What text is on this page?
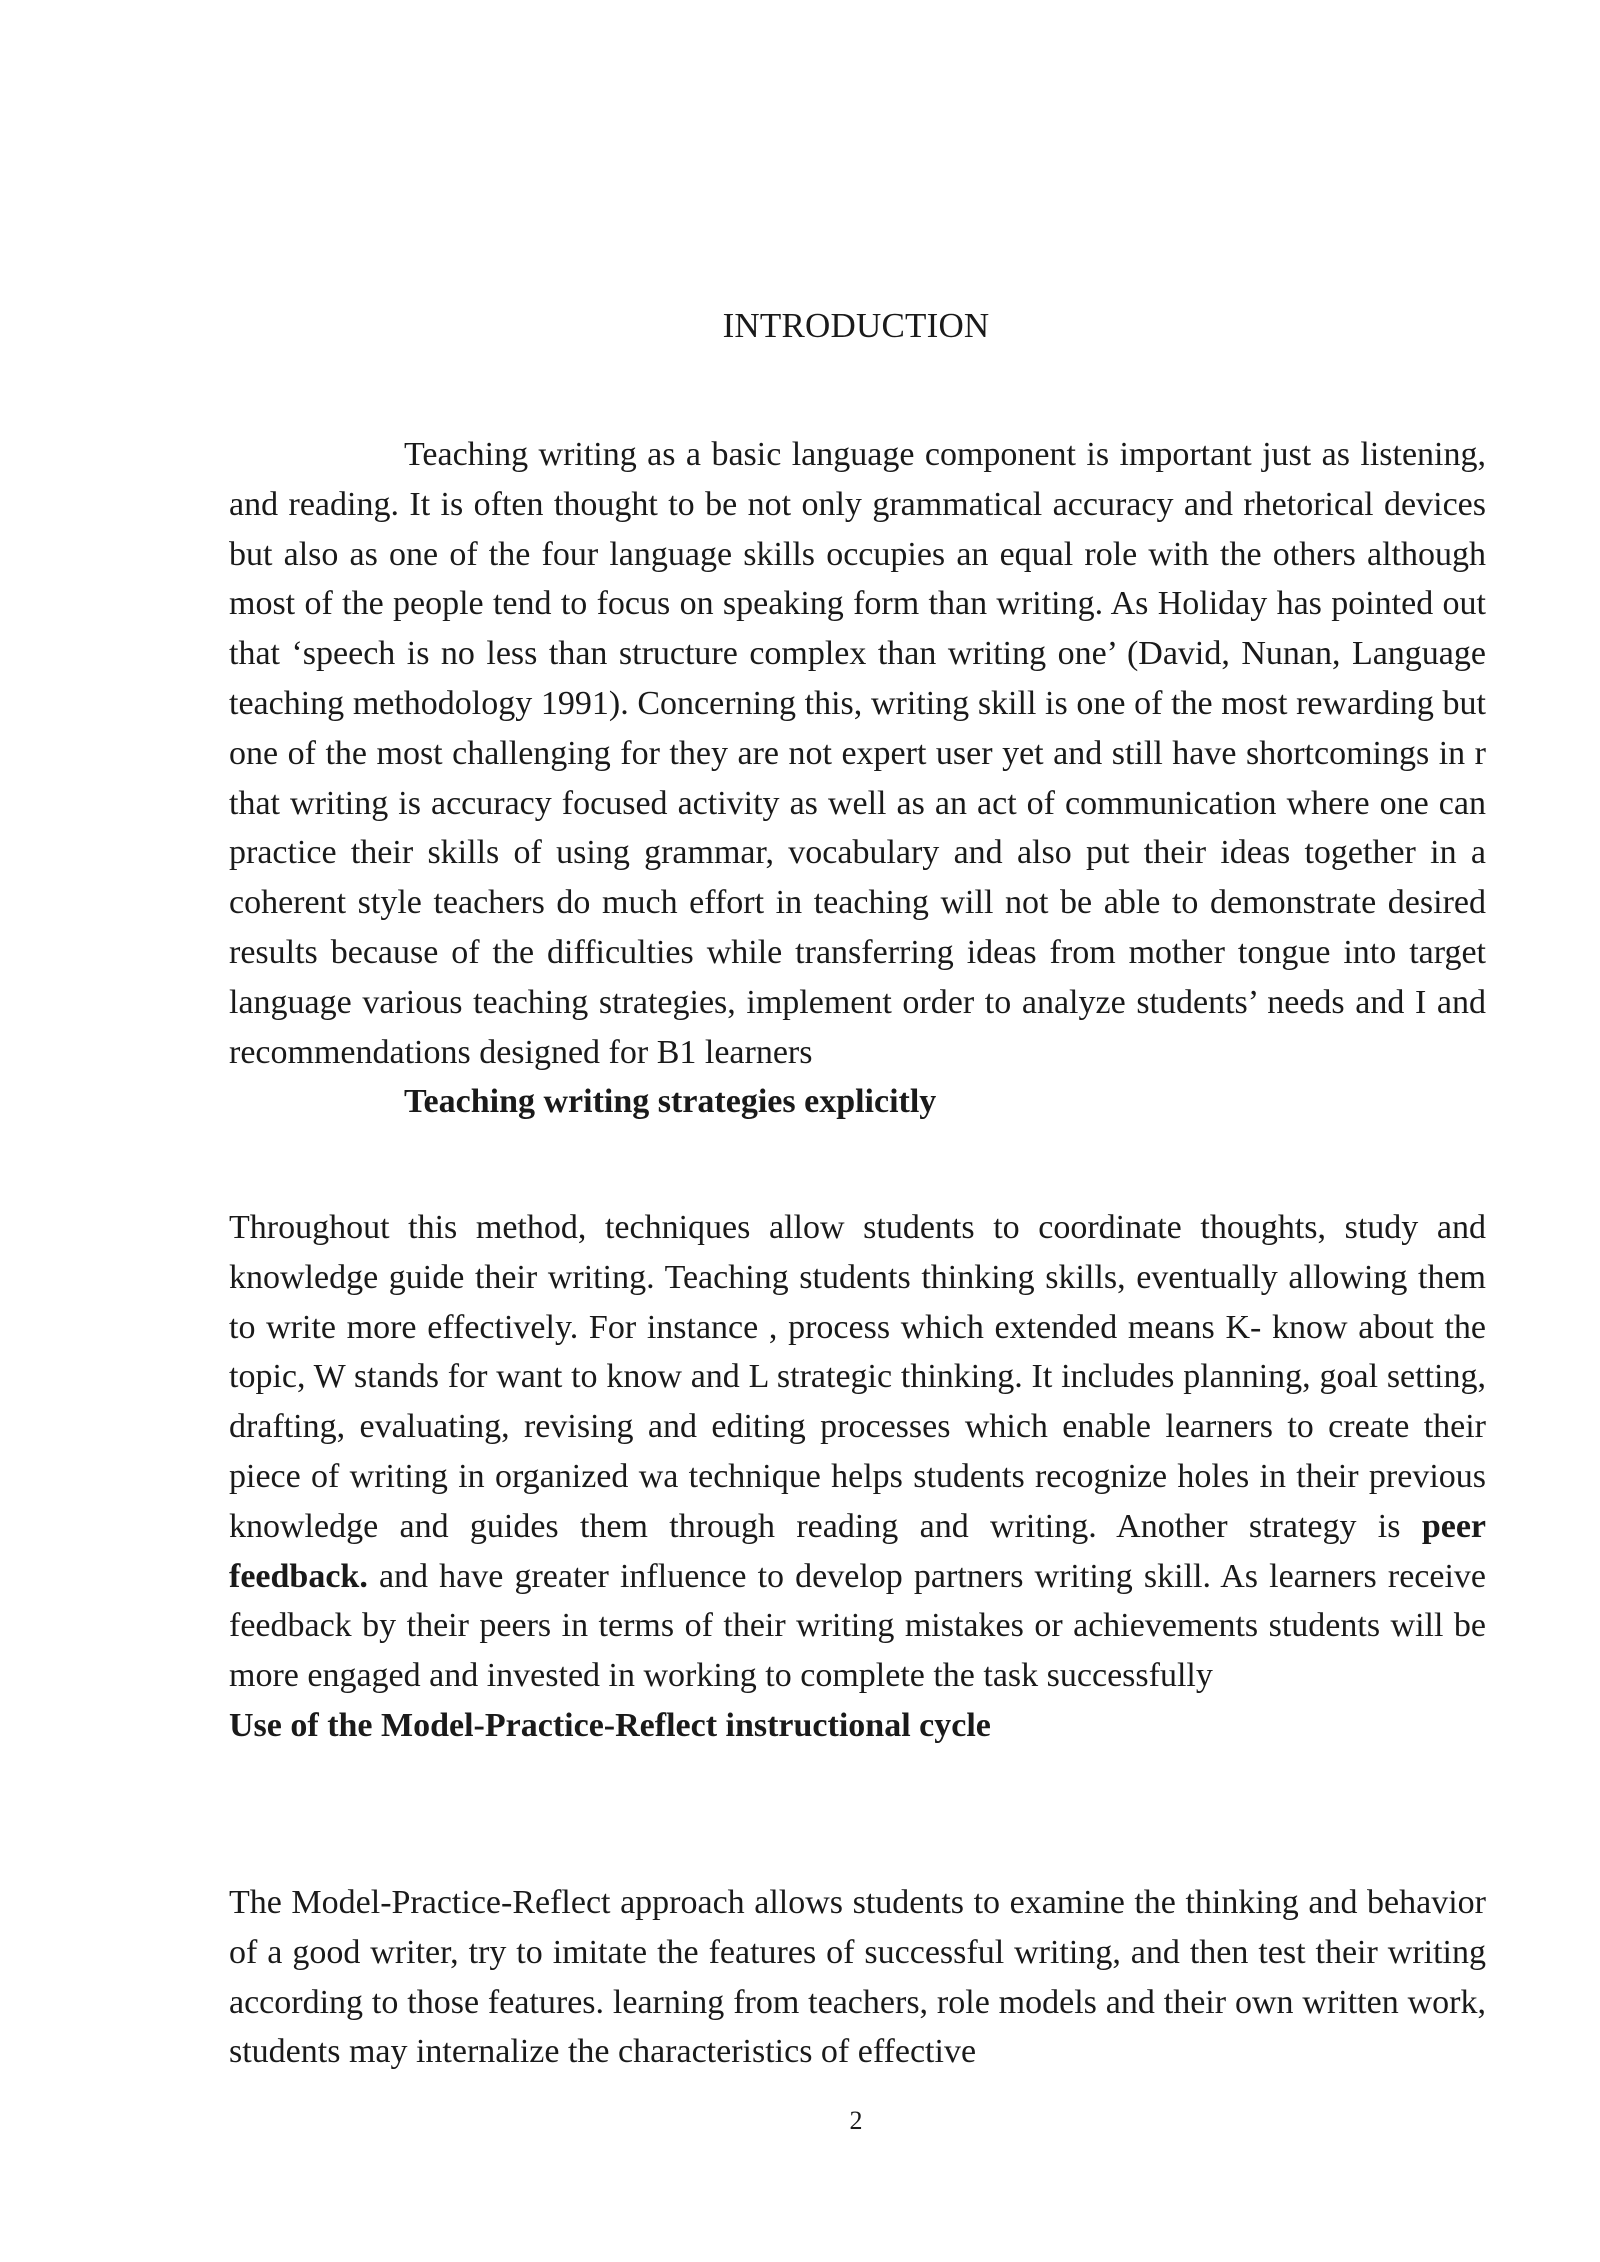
INTRODUCTION

Teaching writing as a basic language component is important just as listening, and reading. It is often thought to be not only grammatical accuracy and rhetorical devices but also as one of the four language skills occupies an equal role with the others although most of the people tend to focus on speaking form than writing. As Holiday has pointed out that ‘speech is no less than structure complex than writing one’ (David, Nunan, Language teaching methodology 1991). Concerning this, writing skill is one of the most rewarding but one of the most challenging for they are not expert user yet and still have shortcomings in r that writing is accuracy focused activity as well as an act of communication where one can practice their skills of using grammar, vocabulary and also put their ideas together in a coherent style teachers do much effort in teaching will not be able to demonstrate desired results because of the difficulties while transferring ideas from mother tongue into target language various teaching strategies, implement order to analyze students’ needs and I and recommendations designed for B1 learners
Teaching writing strategies explicitly

Throughout this method, techniques allow students to coordinate thoughts, study and knowledge guide their writing. Teaching students thinking skills, eventually allowing them to write more effectively. For instance , process which extended means K- know about the topic, W stands for want to know and L strategic thinking. It includes planning, goal setting, drafting, evaluating, revising and editing processes which enable learners to create their piece of writing in organized wa technique helps students recognize holes in their previous knowledge and guides them through reading and writing. Another strategy is peer feedback. and have greater influence to develop partners writing skill. As learners receive feedback by their peers in terms of their writing mistakes or achievements students will be more engaged and invested in working to complete the task successfully
Use of the Model-Practice-Reflect instructional cycle

The Model-Practice-Reflect approach allows students to examine the thinking and behavior of a good writer, try to imitate the features of successful writing, and then test their writing according to those features. learning from teachers, role models and their own written work, students may internalize the characteristics of effective

2
